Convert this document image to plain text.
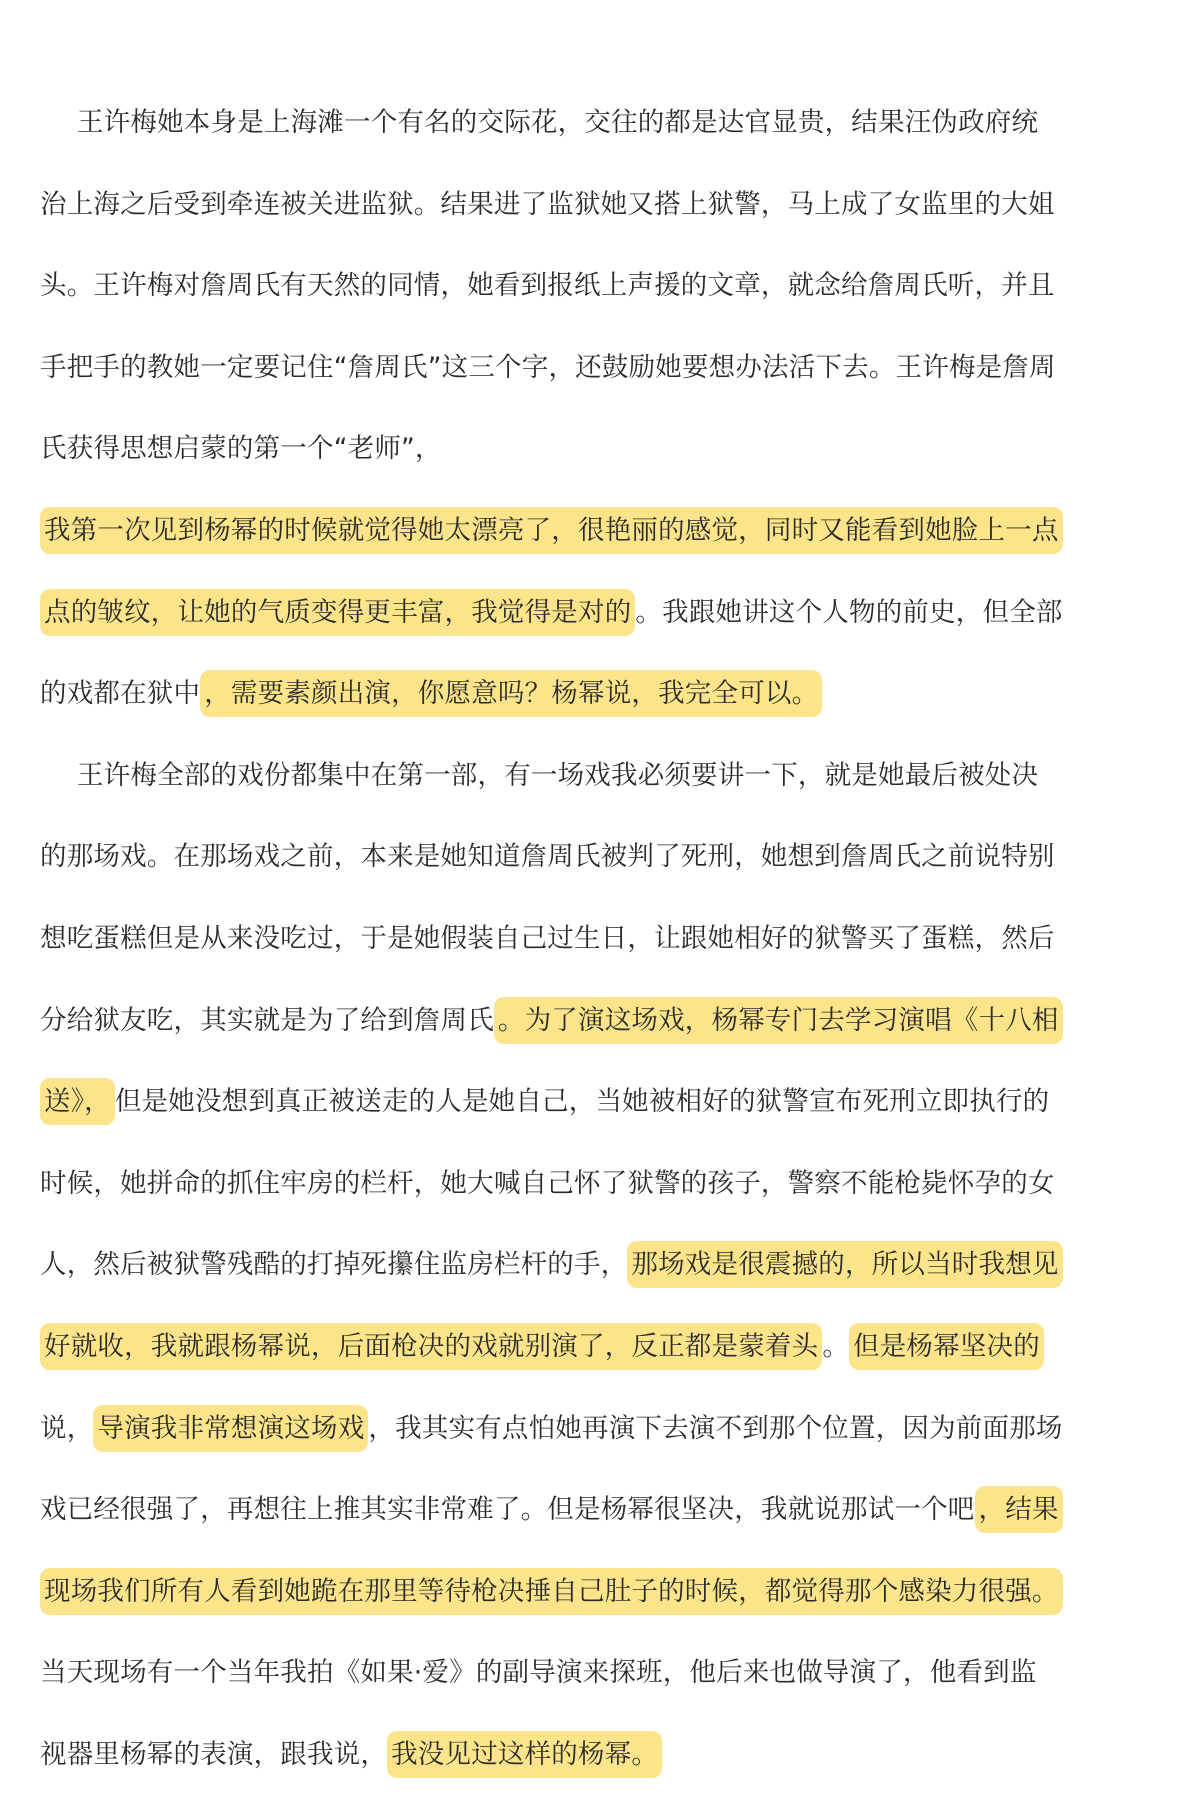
王许梅她本身是上海滩一个有名的交际花，交往的都是达官显贵，结果汪伪政府统
治上海之后受到牵连被关进监狱。结果进了监狱她又搭上狱警，马上成了女监里的大姐
头。王许梅对詹周氏有天然的同情，她看到报纸上声援的文章，就念给詹周氏听，并且
手把手的教她一定要记住“詹周氏”这三个字，还鼓励她要想办法活下去。王许梅是詹周
氏获得思想启蒙的第一个“老师”，
我第一次见到杨幂的时候就觉得她太漂亮了，很艳丽的感觉，同时又能看到她脸上一点
点的皱纹，让她的气质变得更丰富，我觉得是对的 。我跟她讲这个人物的前史，但全部
的戏都在狱中 ，需要素颜出演，你愿意吗？杨幂说，我完全可以。
王许梅全部的戏份都集中在第一部，有一场戏我必须要讲一下，就是她最后被处决
的那场戏。在那场戏之前，本来是她知道詹周氏被判了死刑，她想到詹周氏之前说特别
想吃蛋糕但是从来没吃过，于是她假装自己过生日，让跟她相好的狱警买了蛋糕，然后
分给狱友吃，其实就是为了给到詹周氏 。为了演这场戏，杨幂专门去学习演唱《十八相
送》， 但是她没想到真正被送走的人是她自己，当她被相好的狱警宣布死刑立即执行的
时候，她拼命的抓住牢房的栏杆，她大喊自己怀了狱警的孩子，警察不能枪毙怀孕的女
人，然后被狱警残酷的打掉死攥住监房栏杆的手， 那场戏是很震撼的，所以当时我想见
好就收，我就跟杨幂说，后面枪决的戏就别演了，反正都是蒙着头 。 但是杨幂坚决的
说， 导演我非常想演这场戏 ，我其实有点怕她再演下去演不到那个位置，因为前面那场
戏已经很强了，再想往上推其实非常难了。但是杨幂很坚决，我就说那试一个吧 ，结果
现场我们所有人看到她跪在那里等待枪决捶自己肚子的时候，都觉得那个感染力很强。
当天现场有一个当年我拍《如果·爱》的副导演来探班，他后来也做导演了，他看到监
视器里杨幂的表演，跟我说， 我没见过这样的杨幂。
